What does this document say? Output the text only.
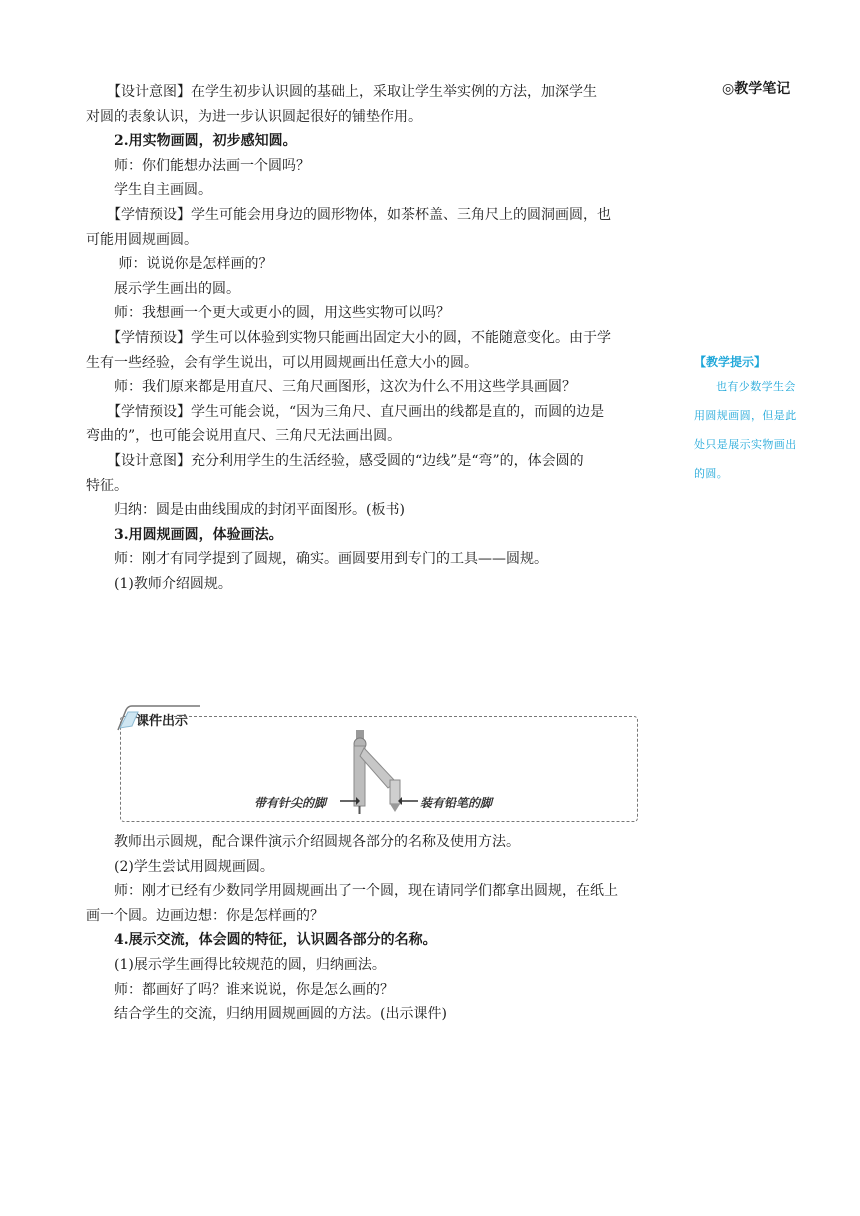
　　【设计意图】在学生初步认识圆的基础上，采取让学生举实例的方法，加深学生
对圆的表象认识，为进一步认识圆起很好的铺垫作用。
　　2.用实物画圆，初步感知圆。
　　师：你们能想办法画一个圆吗？
　　学生自主画圆。
　　【学情预设】学生可能会用身边的圆形物体，如茶杯盖、三角尺上的圆洞画圆，也
可能用圆规画圆。
　　 师：说说你是怎样画的？
　　展示学生画出的圆。
　　师：我想画一个更大或更小的圆，用这些实物可以吗？
　　【学情预设】学生可以体验到实物只能画出固定大小的圆，不能随意变化。由于学
生有一些经验，会有学生说出，可以用圆规画出任意大小的圆。
　　师：我们原来都是用直尺、三角尺画图形，这次为什么不用这些学具画圆？
　　【学情预设】学生可能会说，“因为三角尺、直尺画出的线都是直的，而圆的边是
弯曲的”，也可能会说用直尺、三角尺无法画出圆。
　　【设计意图】充分利用学生的生活经验，感受圆的“边线”是“弯”的，体会圆的
特征。
　　归纳：圆是由曲线围成的封闭平面图形。(板书)
　　3.用圆规画圆，体验画法。
　　师：刚才有同学提到了圆规，确实。画圆要用到专门的工具——圆规。
　　(1)教师介绍圆规。
课件出示
带有针尖的脚	装有铅笔的脚
　　教师出示圆规，配合课件演示介绍圆规各部分的名称及使用方法。
　　(2)学生尝试用圆规画圆。
　　师：刚才已经有少数同学用圆规画出了一个圆，现在请同学们都拿出圆规，在纸上
画一个圆。边画边想：你是怎样画的？
　　4.展示交流，体会圆的特征，认识圆各部分的名称。
　　(1)展示学生画得比较规范的圆，归纳画法。
　　师：都画好了吗？谁来说说，你是怎么画的？
　　结合学生的交流，归纳用圆规画圆的方法。(出示课件)
◎教学笔记
【教学提示】
也有少数学生会
用圆规画圆，但是此
处只是展示实物画出
的圆。
